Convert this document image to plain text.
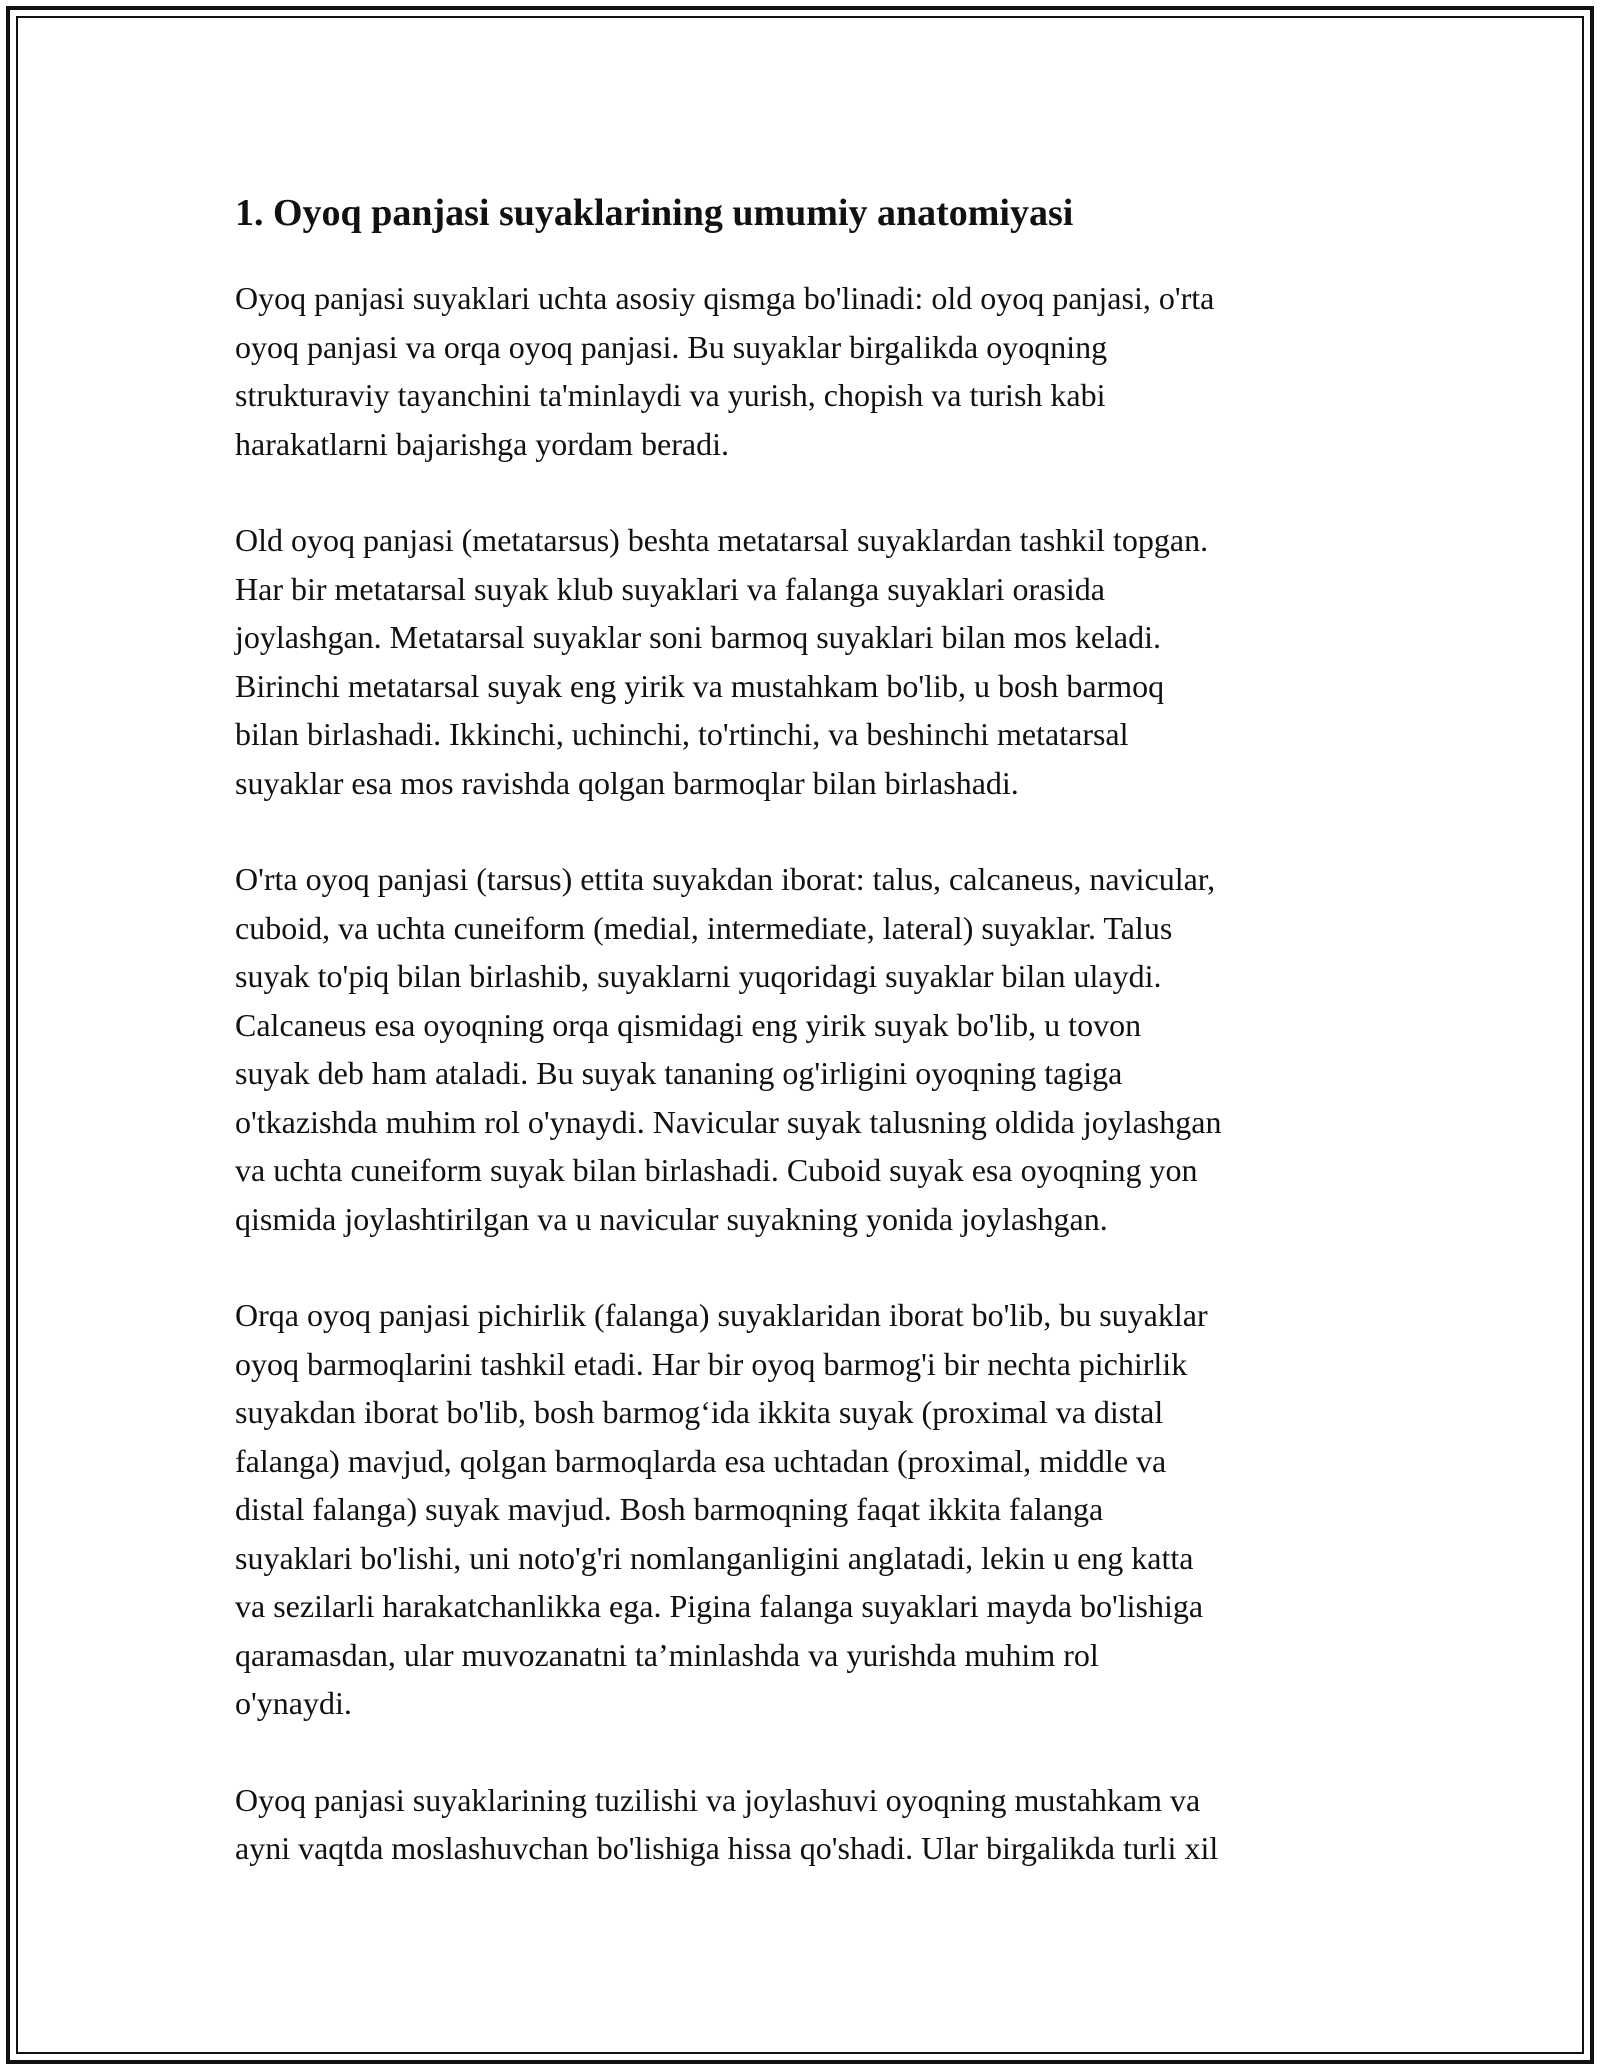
1. Oyoq panjasi suyaklarining umumiy anatomiyasi

Oyoq panjasi suyaklari uchta asosiy qismga bo'linadi: old oyoq panjasi, o'rta
oyoq panjasi va orqa oyoq panjasi. Bu suyaklar birgalikda oyoqning
strukturaviy tayanchini ta'minlaydi va yurish, chopish va turish kabi
harakatlarni bajarishga yordam beradi.

Old oyoq panjasi (metatarsus) beshta metatarsal suyaklardan tashkil topgan.
Har bir metatarsal suyak klub suyaklari va falanga suyaklari orasida
joylashgan. Metatarsal suyaklar soni barmoq suyaklari bilan mos keladi.
Birinchi metatarsal suyak eng yirik va mustahkam bo'lib, u bosh barmoq
bilan birlashadi. Ikkinchi, uchinchi, to'rtinchi, va beshinchi metatarsal
suyaklar esa mos ravishda qolgan barmoqlar bilan birlashadi.

O'rta oyoq panjasi (tarsus) ettita suyakdan iborat: talus, calcaneus, navicular,
cuboid, va uchta cuneiform (medial, intermediate, lateral) suyaklar. Talus
suyak to'piq bilan birlashib, suyaklarni yuqoridagi suyaklar bilan ulaydi.
Calcaneus esa oyoqning orqa qismidagi eng yirik suyak bo'lib, u tovon
suyak deb ham ataladi. Bu suyak tananing og'irligini oyoqning tagiga
o'tkazishda muhim rol o'ynaydi. Navicular suyak talusning oldida joylashgan
va uchta cuneiform suyak bilan birlashadi. Cuboid suyak esa oyoqning yon
qismida joylashtirilgan va u navicular suyakning yonida joylashgan.

Orqa oyoq panjasi pichirlik (falanga) suyaklaridan iborat bo'lib, bu suyaklar
oyoq barmoqlarini tashkil etadi. Har bir oyoq barmog'i bir nechta pichirlik
suyakdan iborat bo'lib, bosh barmog‘ida ikkita suyak (proximal va distal
falanga) mavjud, qolgan barmoqlarda esa uchtadan (proximal, middle va
distal falanga) suyak mavjud. Bosh barmoqning faqat ikkita falanga
suyaklari bo'lishi, uni noto'g'ri nomlanganligini anglatadi, lekin u eng katta
va sezilarli harakatchanlikka ega. Pigina falanga suyaklari mayda bo'lishiga
qaramasdan, ular muvozanatni ta’minlashda va yurishda muhim rol
o'ynaydi.

Oyoq panjasi suyaklarining tuzilishi va joylashuvi oyoqning mustahkam va
ayni vaqtda moslashuvchan bo'lishiga hissa qo'shadi. Ular birgalikda turli xil
